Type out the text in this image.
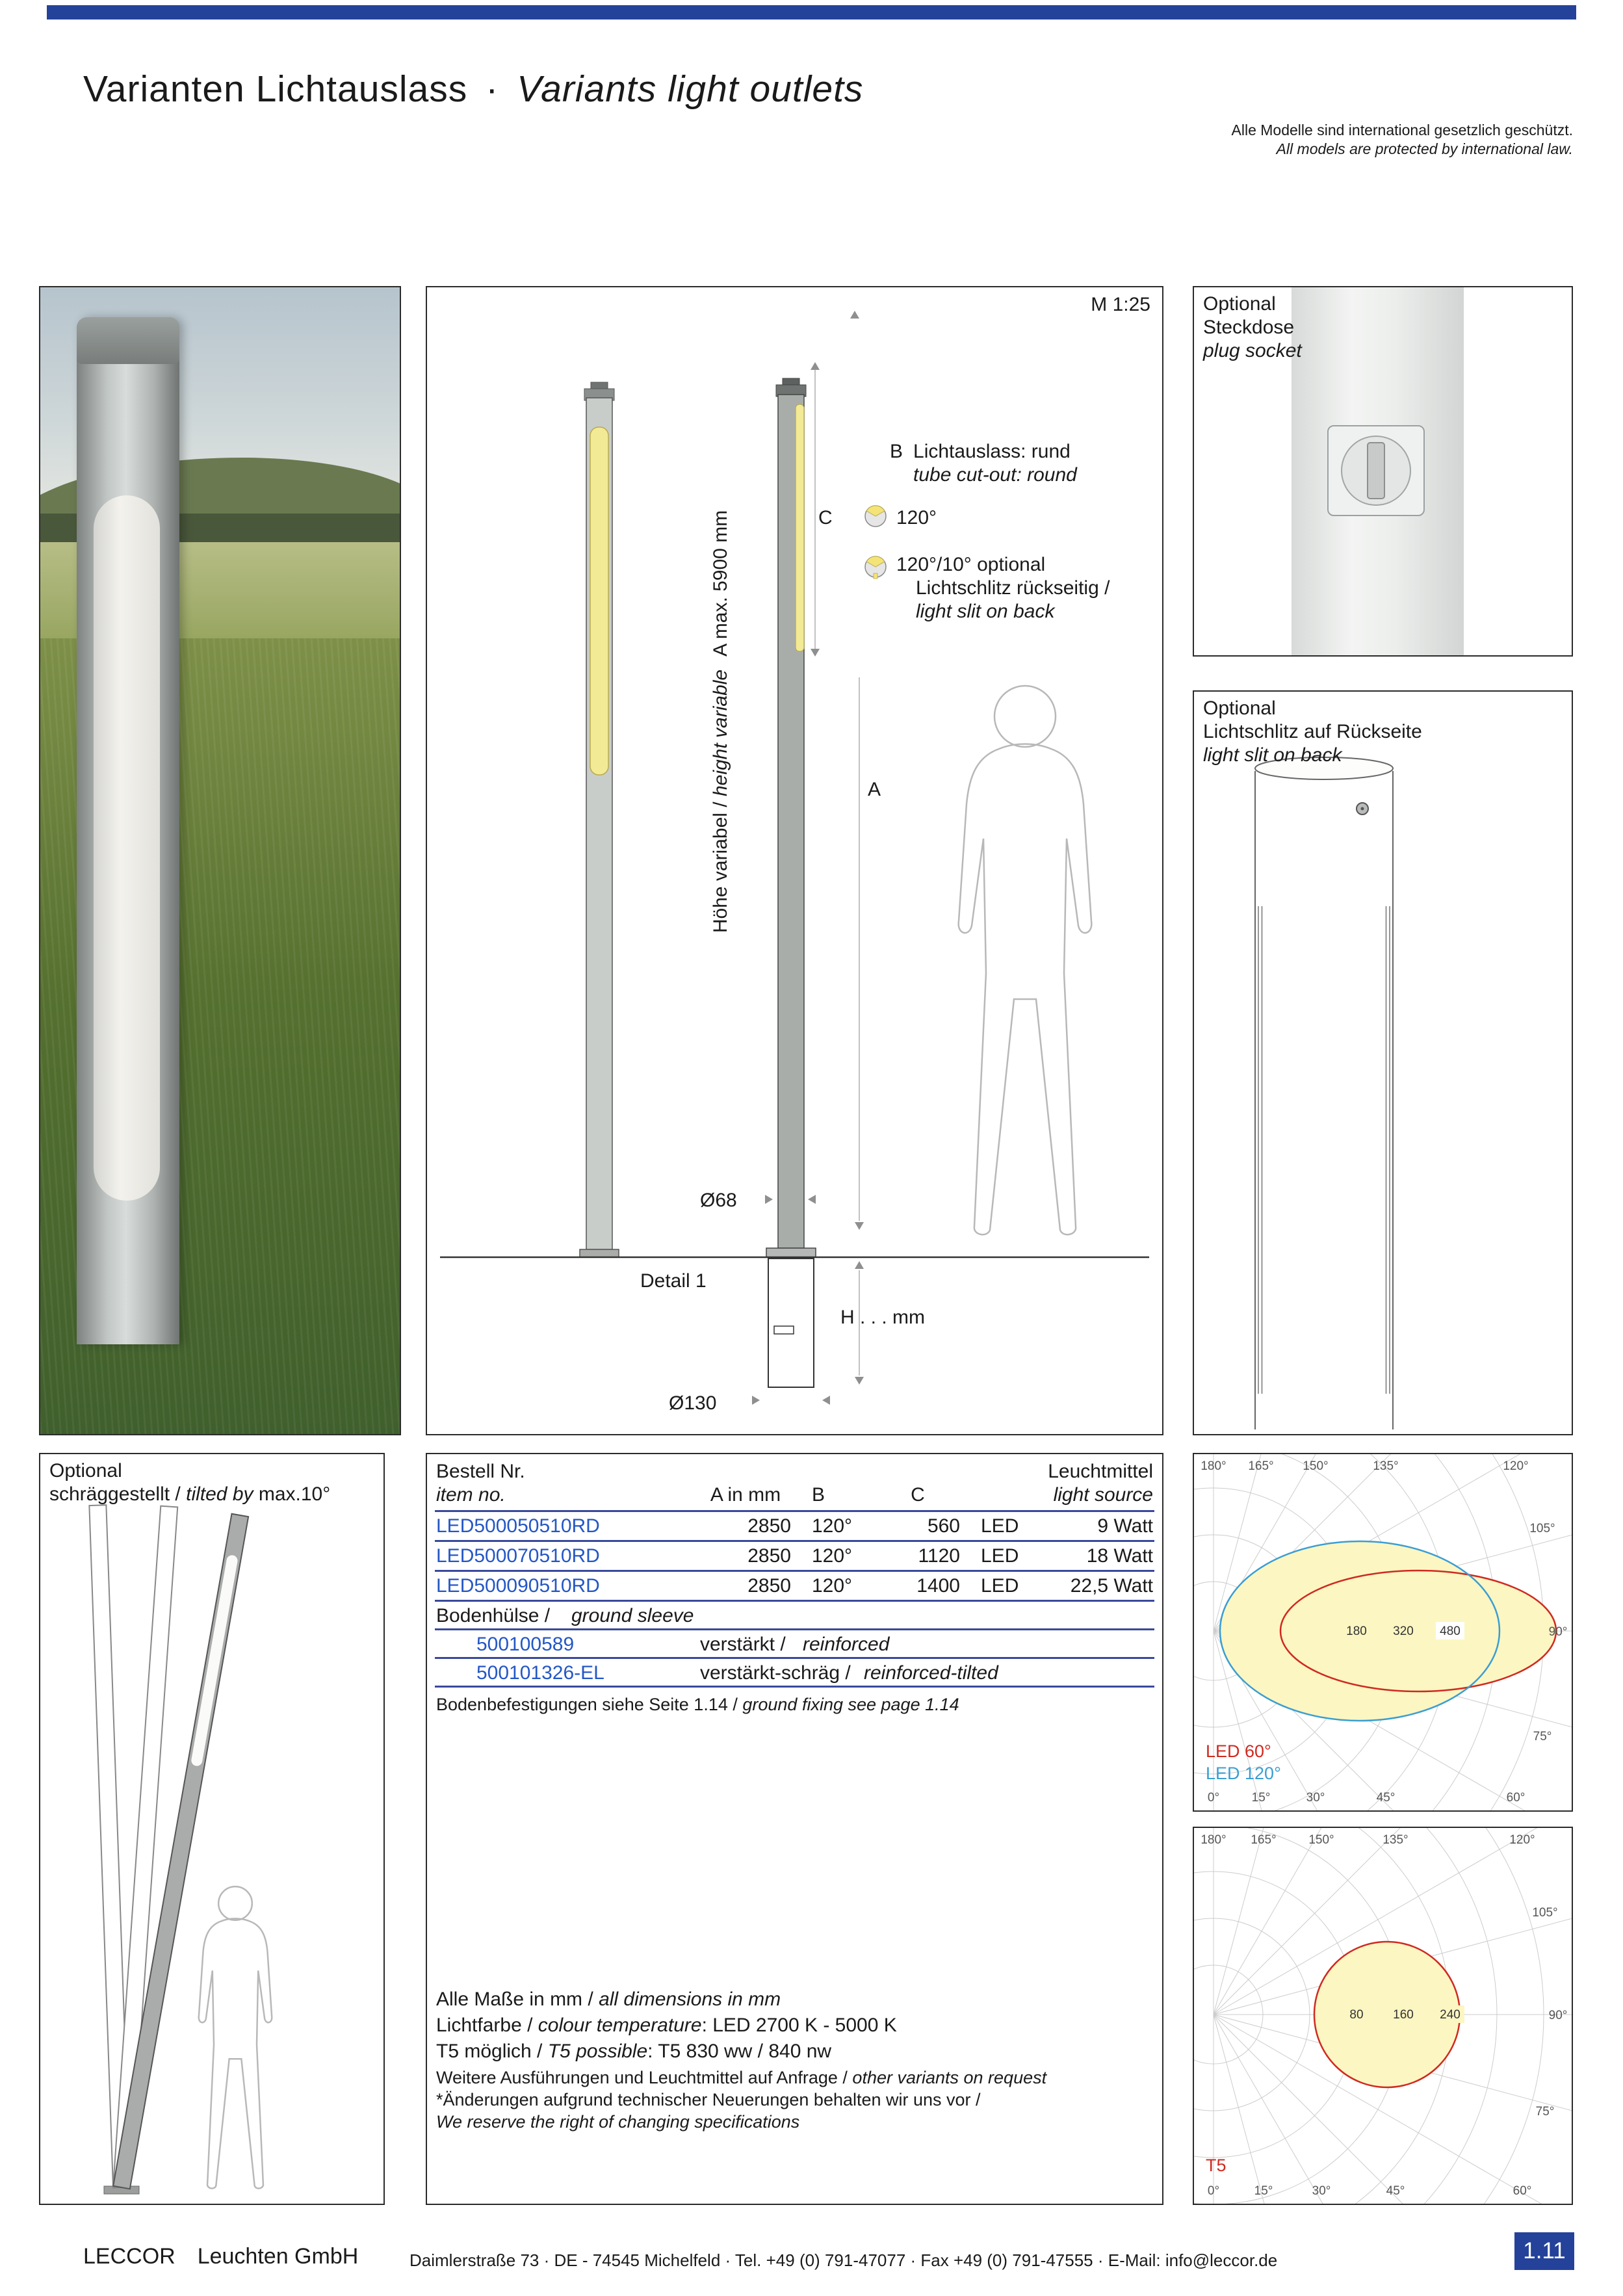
Varianten Lichtauslass · Variants light outlets
Alle Modelle sind international gesetzlich geschützt.
All models are protected by international law.
M 1:25
B Lichtauslass: rund
tube cut-out: round
C	120°
120°/10° optional
Lichtschlitz rückseitig /
light slit on back
Höhe variabel / height variableA max. 5900 mm
A
Ø68
Detail 1
H . . . mm
Ø130
Optional
Steckdose
plug socket
Optional
Lichtschlitz auf Rückseite
light slit on back
Optional
schräggestellt / tilted by max.10°
Bestell Nr.	Leuchtmittel
item no.	A in mm	B	C	light source
LED500050510RD	2850 120°	560 LED	9 Watt
LED500070510RD	2850 120°	1120 LED	18 Watt
LED500090510RD	2850 120°	1400 LED	22,5 Watt
Bodenhülse / ground sleeve
500100589	verstärkt / reinforced
500101326-EL	verstärkt-schräg / reinforced-tilted
Bodenbefestigungen siehe Seite 1.14 / ground fixing see page 1.14
Alle Maße in mm / all dimensions in mm
Lichtfarbe / colour temperature: LED 2700 K - 5000 K
T5 möglich / T5 possible: T5 830 ww / 840 nw
Weitere Ausführungen und Leuchtmittel auf Anfrage / other variants on request
*Änderungen aufgrund technischer Neuerungen behalten wir uns vor /
We reserve the right of changing specifications
180 320 480
180° 165° 150°	135°	120°
105°
90°
75°
60°
45°
30°
15°
0°
LED 60°
LED 120°
80 160 240
180° 165°	150°	135°	120°
105°
90°
75°
60°
45°
30°
15°
0°
T5
LECCOR Leuchten GmbH	Daimlerstraße 73 · DE - 74545 Michelfeld · Tel. +49 (0) 791-47077 · Fax +49 (0) 791-47555 · E-Mail: info@leccor.de	1.11
